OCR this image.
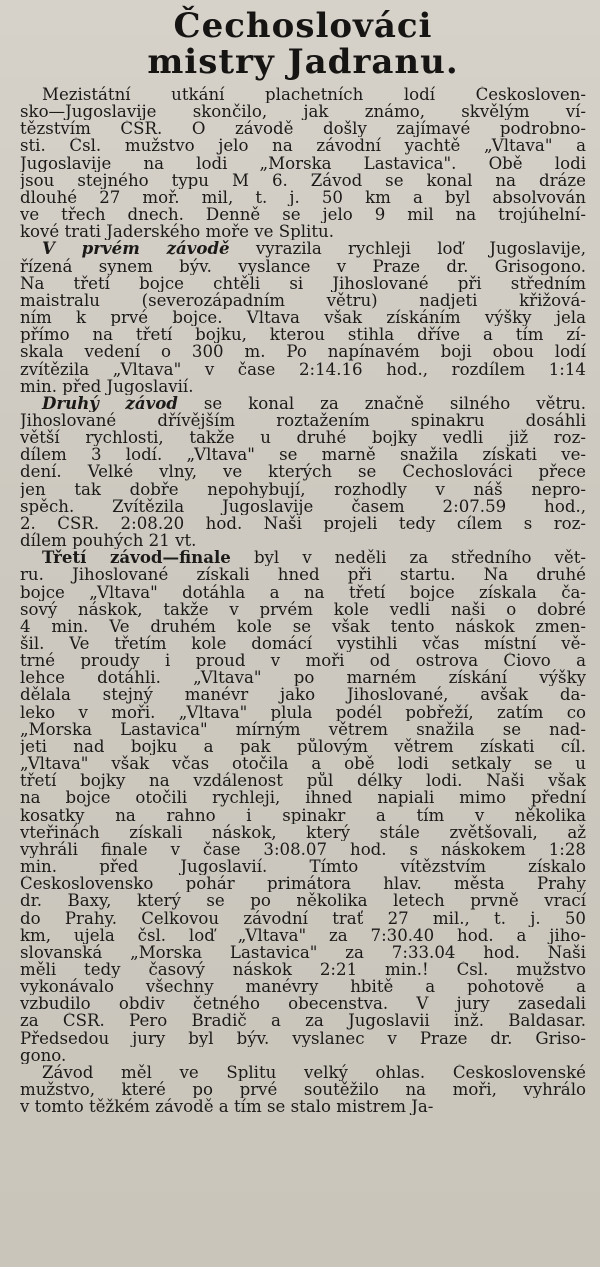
Čechoslováci
mistry Jadranu.
Mezistátní utkání plachetních lodí Českosloven-
sko—Jugoslavije skončilo, jak známo, skvělým ví-
tězstvím ČSR. O závodě došly zajímavé podrobno-
sti. Čsl. mužstvo jelo na závodní yachtě „Vltava" a
Jugoslavije na lodi „Morska Lastavica". Obě lodi
jsou stejného typu M 6. Závod se konal na dráze
dlouhé 27 moř. mil, t. j. 50 km a byl absolvován
ve třech dnech. Denně se jelo 9 mil na trojúhelní-
kové trati Jaderského moře ve Splitu.
V prvém závodě vyrazila rychleji loď Jugoslavije,
řízená synem býv. vyslance v Praze dr. Grisogono.
Na třetí bojce chtěli si Jihoslované při středním
maistralu (severozápadním větru) nadjeti křižová-
ním k prvé bojce. Vltava však získáním výšky jela
přímo na třetí bojku, kterou stihla dříve a tím zí-
skala vedení o 300 m. Po napínavém boji obou lodí
zvítězila „Vltava" v čase 2:14.16 hod., rozdílem 1:14
min. před Jugoslavií.
Druhý závod se konal za značně silného větru.
Jihoslované dřívějším roztažením spinakru dosáhli
větší rychlosti, takže u druhé bojky vedli již roz-
dílem 3 lodí. „Vltava" se marně snažila získati ve-
dení. Velké vlny, ve kterých se Čechoslováci přece
jen tak dobře nepohybují, rozhodly v náš nepro-
spěch. Zvítězila Jugoslavije časem 2:07.59 hod.,
2. ČSR. 2:08.20 hod. Naši projeli tedy cílem s roz-
dílem pouhých 21 vt.
Třetí závod—finale byl v neděli za středního vět-
ru. Jihoslované získali hned při startu. Na druhé
bojce „Vltava" dotáhla a na třetí bojce získala ča-
sový náskok, takže v prvém kole vedli naši o dobré
4 min. Ve druhém kole se však tento náskok zmen-
šil. Ve třetím kole domácí vystihli včas místní vě-
trné proudy i proud v moři od ostrova Čiovo a
lehce dotáhli. „Vltava" po marném získání výšky
dělala stejný manévr jako Jihoslované, avšak da-
leko v moři. „Vltava" plula podél pobřeží, zatím co
„Morska Lastavica" mírným větrem snažila se nad-
jeti nad bojku a pak půlovým větrem získati cíl.
„Vltava" však včas otočila a obě lodi setkaly se u
třetí bojky na vzdálenost půl délky lodi. Naši však
na bojce otočili rychleji, ihned napiali mimo přední
kosatky na rahno i spinakr a tím v několika
vteřinách získali náskok, který stále zvětšovali, až
vyhráli finale v čase 3:08.07 hod. s náskokem 1:28
min. před Jugoslavií. Tímto vítězstvím získalo
Československo pohár primátora hlav. města Prahy
dr. Baxy, který se po několika letech prvně vrací
do Prahy. Celkovou závodní trať 27 mil., t. j. 50
km, ujela čsl. loď „Vltava" za 7:30.40 hod. a jiho-
slovanská „Morska Lastavica" za 7:33.04 hod. Naši
měli tedy časový náskok 2:21 min.! Čsl. mužstvo
vykonávalo všechny manévry hbitě a pohotově a
vzbudilo obdiv četného obecenstva. V jury zasedali
za ČSR. Pero Bradič a za Jugoslavii inž. Baldasar.
Předsedou jury byl býv. vyslanec v Praze dr. Griso-
gono.
Závod měl ve Splitu velký ohlas. Československé
mužstvo, které po prvé soutěžilo na moři, vyhrálo
v tomto těžkém závodě a tím se stalo mistrem Ja-
